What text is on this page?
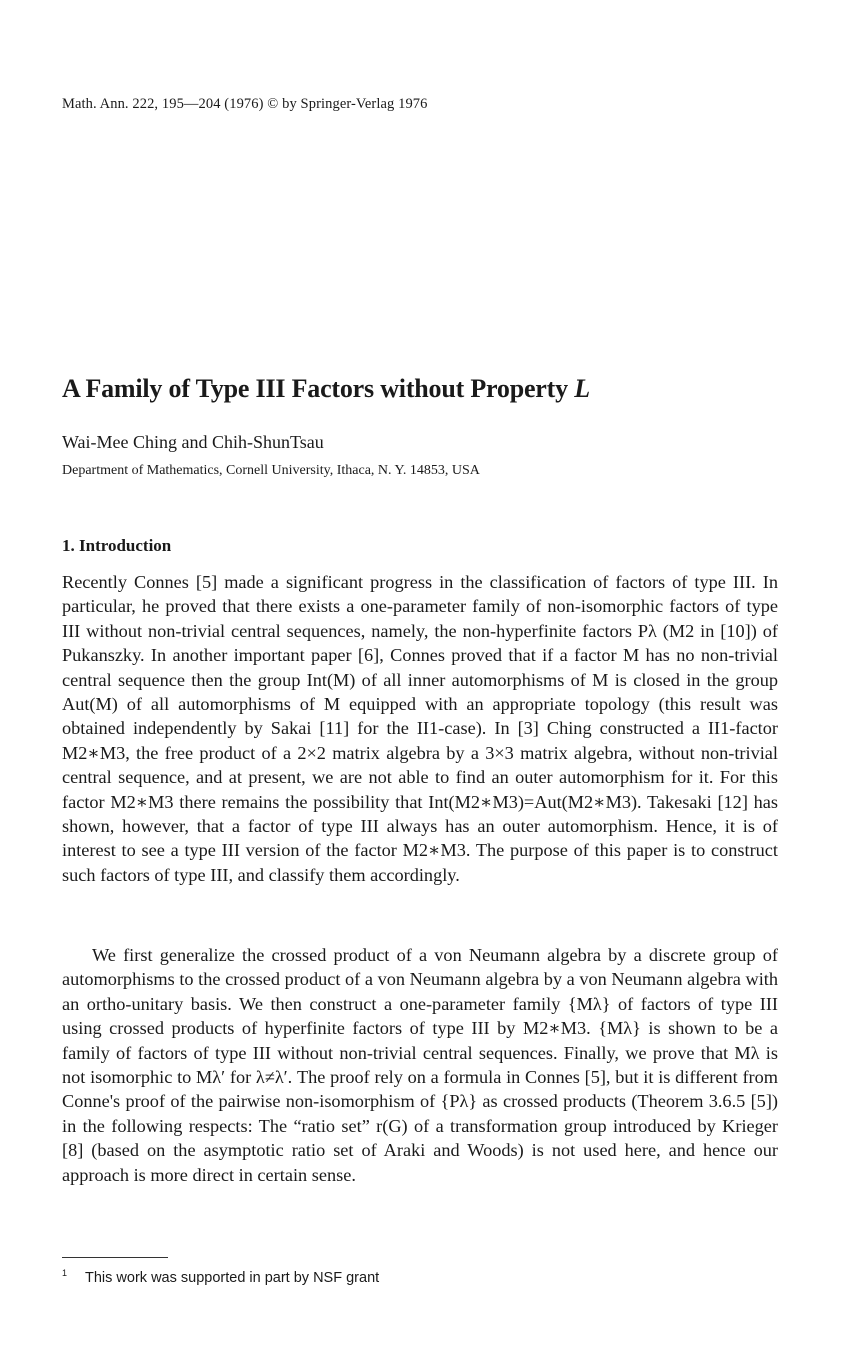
Math. Ann. 222, 195—204 (1976) © by Springer-Verlag 1976
A Family of Type III Factors without Property L
Wai-Mee Ching and Chih-ShunTsau
Department of Mathematics, Cornell University, Ithaca, N. Y. 14853, USA
1. Introduction
Recently Connes [5] made a significant progress in the classification of factors of type III. In particular, he proved that there exists a one-parameter family of non-isomorphic factors of type III without non-trivial central sequences, namely, the non-hyperfinite factors Pλ (M2 in [10]) of Pukanszky. In another important paper [6], Connes proved that if a factor M has no non-trivial central sequence then the group Int(M) of all inner automorphisms of M is closed in the group Aut(M) of all automorphisms of M equipped with an appropriate topology (this result was obtained independently by Sakai [11] for the II1-case). In [3] Ching constructed a II1-factor M2∗M3, the free product of a 2×2 matrix algebra by a 3×3 matrix algebra, without non-trivial central sequence, and at present, we are not able to find an outer automorphism for it. For this factor M2∗M3 there remains the possibility that Int(M2∗M3)=Aut(M2∗M3). Takesaki [12] has shown, however, that a factor of type III always has an outer automorphism. Hence, it is of interest to see a type III version of the factor M2∗M3. The purpose of this paper is to construct such factors of type III, and classify them accordingly.
We first generalize the crossed product of a von Neumann algebra by a discrete group of automorphisms to the crossed product of a von Neumann algebra by a von Neumann algebra with an ortho-unitary basis. We then construct a one-parameter family {Mλ} of factors of type III using crossed products of hyperfinite factors of type III by M2∗M3. {Mλ} is shown to be a family of factors of type III without non-trivial central sequences. Finally, we prove that Mλ is not isomorphic to Mλ′ for λ≠λ′. The proof rely on a formula in Connes [5], but it is different from Conne's proof of the pairwise non-isomorphism of {Pλ} as crossed products (Theorem 3.6.5 [5]) in the following respects: The “ratio set” r(G) of a transformation group introduced by Krieger [8] (based on the asymptotic ratio set of Araki and Woods) is not used here, and hence our approach is more direct in certain sense.
$^1$ This work was supported in part by NSF grant
